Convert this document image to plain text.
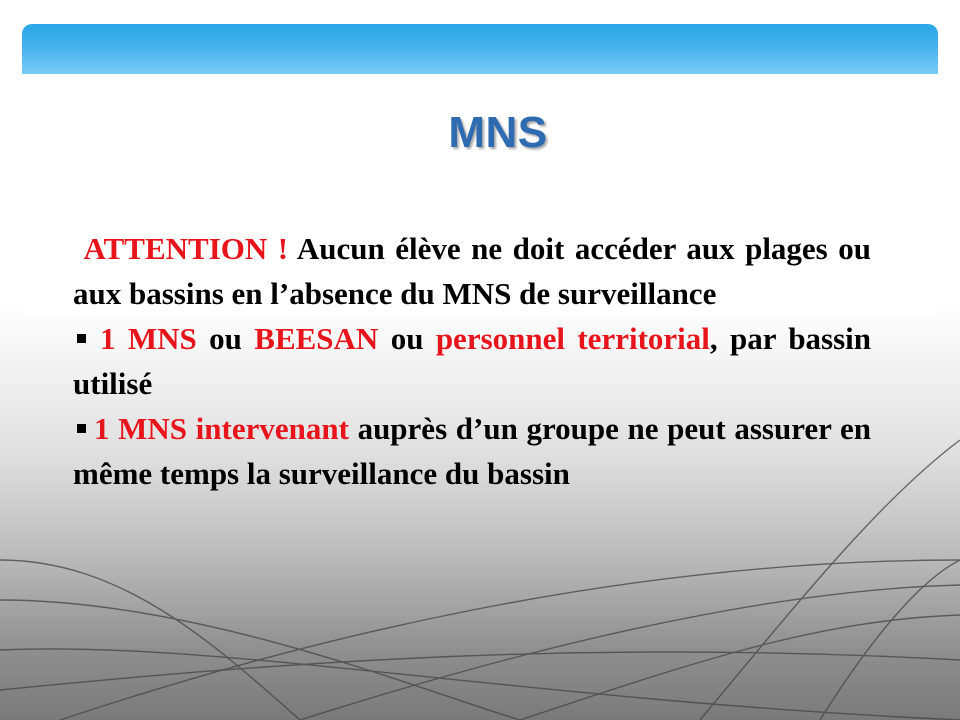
MNS

ATTENTION ! Aucun élève ne doit accéder aux plages ou aux bassins en l’absence du MNS de surveillance

1 MNS ou BEESAN ou personnel territorial, par bassin utilisé

1 MNS intervenant auprès d’un groupe ne peut assurer en même temps la surveillance du bassin
